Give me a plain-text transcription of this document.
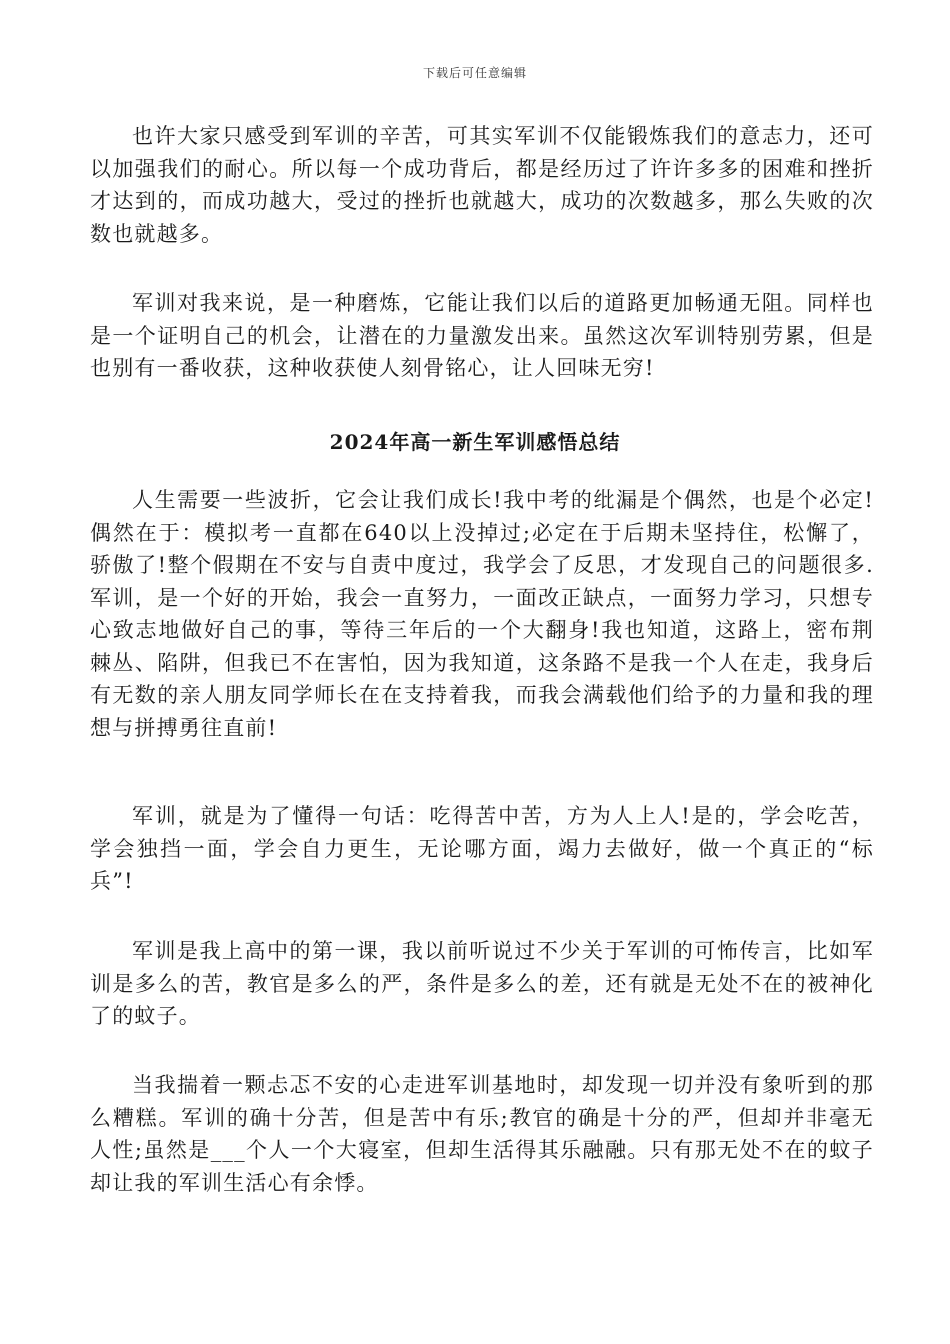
下载后可任意编辑

也许大家只感受到军训的辛苦，可其实军训不仅能锻炼我们的意志力，还可以加强我们的耐心。所以每一个成功背后，都是经历过了许许多多的困难和挫折才达到的，而成功越大，受过的挫折也就越大，成功的次数越多，那么失败的次数也就越多。

军训对我来说，是一种磨炼，它能让我们以后的道路更加畅通无阻。同样也是一个证明自己的机会，让潜在的力量激发出来。虽然这次军训特别劳累，但是也别有一番收获，这种收获使人刻骨铭心，让人回味无穷!

2024年高一新生军训感悟总结

人生需要一些波折，它会让我们成长!我中考的纰漏是个偶然，也是个必定!偶然在于：模拟考一直都在640以上没掉过;必定在于后期未坚持住，松懈了，骄傲了!整个假期在不安与自责中度过，我学会了反思，才发现自己的问题很多.军训，是一个好的开始，我会一直努力，一面改正缺点，一面努力学习，只想专心致志地做好自己的事，等待三年后的一个大翻身!我也知道，这路上，密布荆棘丛、陷阱，但我已不在害怕，因为我知道，这条路不是我一个人在走，我身后有无数的亲人朋友同学师长在在支持着我，而我会满载他们给予的力量和我的理想与拼搏勇往直前!

军训，就是为了懂得一句话：吃得苦中苦，方为人上人!是的，学会吃苦，学会独挡一面，学会自力更生，无论哪方面，竭力去做好，做一个真正的“标兵”!

军训是我上高中的第一课，我以前听说过不少关于军训的可怖传言，比如军训是多么的苦，教官是多么的严，条件是多么的差，还有就是无处不在的被神化了的蚊子。

当我揣着一颗忐忑不安的心走进军训基地时，却发现一切并没有象听到的那么糟糕。军训的确十分苦，但是苦中有乐;教官的确是十分的严，但却并非毫无人性;虽然是___个人一个大寝室，但却生活得其乐融融。只有那无处不在的蚊子却让我的军训生活心有余悸。
